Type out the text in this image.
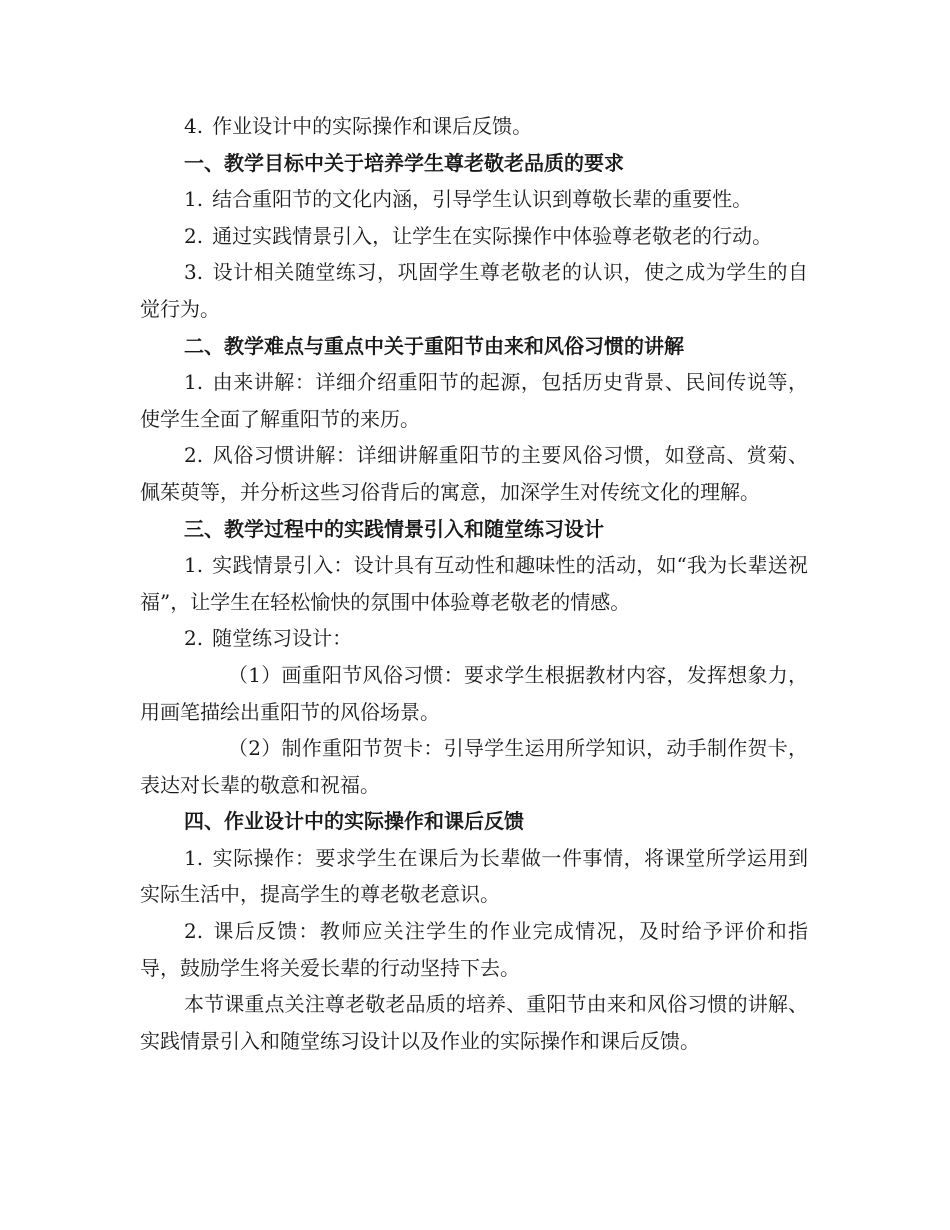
4. 作业设计中的实际操作和课后反馈。

一、教学目标中关于培养学生尊老敬老品质的要求

1. 结合重阳节的文化内涵，引导学生认识到尊敬长辈的重要性。

2. 通过实践情景引入，让学生在实际操作中体验尊老敬老的行动。

3. 设计相关随堂练习，巩固学生尊老敬老的认识，使之成为学生的自觉行为。

二、教学难点与重点中关于重阳节由来和风俗习惯的讲解

1. 由来讲解：详细介绍重阳节的起源，包括历史背景、民间传说等，使学生全面了解重阳节的来历。

2. 风俗习惯讲解：详细讲解重阳节的主要风俗习惯，如登高、赏菊、佩茱萸等，并分析这些习俗背后的寓意，加深学生对传统文化的理解。

三、教学过程中的实践情景引入和随堂练习设计

1. 实践情景引入：设计具有互动性和趣味性的活动，如“我为长辈送祝福”，让学生在轻松愉快的氛围中体验尊老敬老的情感。

2. 随堂练习设计：

（1）画重阳节风俗习惯：要求学生根据教材内容，发挥想象力，用画笔描绘出重阳节的风俗场景。

（2）制作重阳节贺卡：引导学生运用所学知识，动手制作贺卡，表达对长辈的敬意和祝福。

四、作业设计中的实际操作和课后反馈

1. 实际操作：要求学生在课后为长辈做一件事情，将课堂所学运用到实际生活中，提高学生的尊老敬老意识。

2. 课后反馈：教师应关注学生的作业完成情况，及时给予评价和指导，鼓励学生将关爱长辈的行动坚持下去。

本节课重点关注尊老敬老品质的培养、重阳节由来和风俗习惯的讲解、实践情景引入和随堂练习设计以及作业的实际操作和课后反馈。
